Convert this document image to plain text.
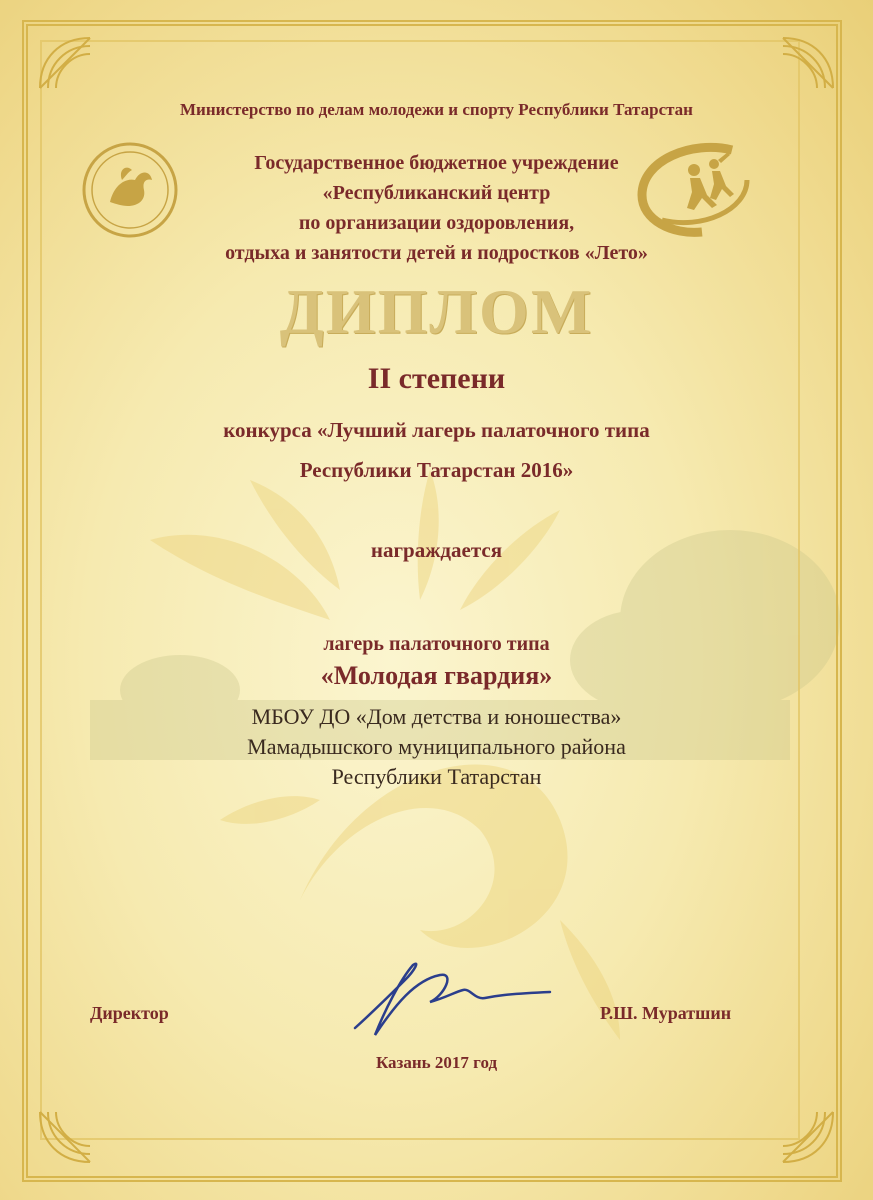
Министерство по делам молодежи и спорту Республики Татарстан
Государственное бюджетное учреждение
«Республиканский центр
по организации оздоровления,
отдыха и занятости детей и подростков «Лето»
ДИПЛОМ
II степени
конкурса «Лучший лагерь палаточного типа
Республики Татарстан 2016»
награждается
лагерь палаточного типа
«Молодая гвардия»
МБОУ ДО «Дом детства и юношества»
Мамадышского муниципального района
Республики Татарстан
Директор	Р.Ш. Муратшин
Казань 2017 год
